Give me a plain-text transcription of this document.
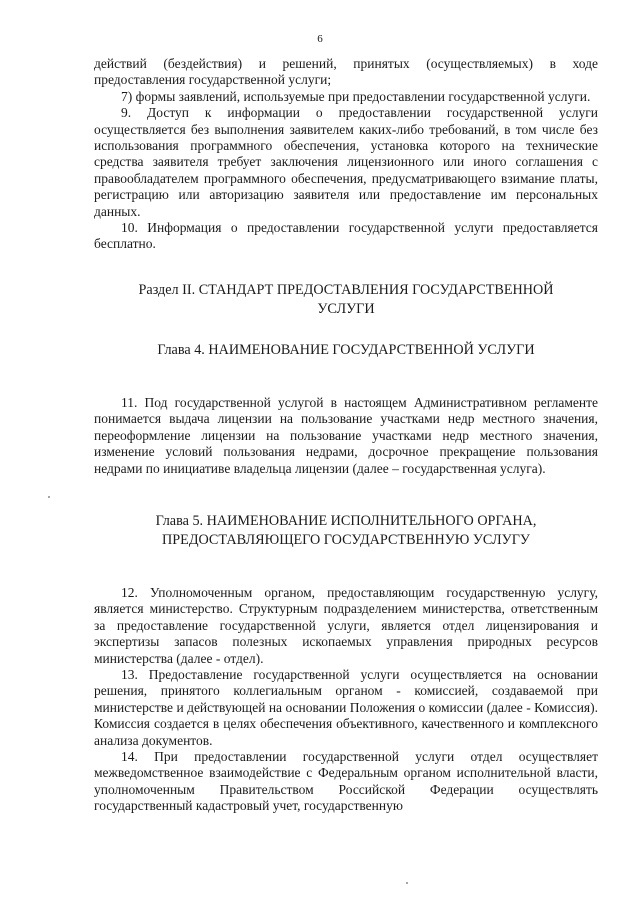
6

действий (бездействия) и решений, принятых (осуществляемых) в ходе предоставления государственной услуги;

7) формы заявлений, используемые при предоставлении государственной услуги.

9. Доступ к информации о предоставлении государственной услуги осуществляется без выполнения заявителем каких-либо требований, в том числе без использования программного обеспечения, установка которого на технические средства заявителя требует заключения лицензионного или иного соглашения с правообладателем программного обеспечения, предусматривающего взимание платы, регистрацию или авторизацию заявителя или предоставление им персональных данных.

10. Информация о предоставлении государственной услуги предоставляется бесплатно.

Раздел II. СТАНДАРТ ПРЕДОСТАВЛЕНИЯ ГОСУДАРСТВЕННОЙ

УСЛУГИ

Глава 4. НАИМЕНОВАНИЕ ГОСУДАРСТВЕННОЙ УСЛУГИ

11. Под государственной услугой в настоящем Административном регламенте понимается выдача лицензии на пользование участками недр местного значения, переоформление лицензии на пользование участками недр местного значения, изменение условий пользования недрами, досрочное прекращение пользования недрами по инициативе владельца лицензии (далее – государственная услуга).

Глава 5. НАИМЕНОВАНИЕ ИСПОЛНИТЕЛЬНОГО ОРГАНА,

ПРЕДОСТАВЛЯЮЩЕГО ГОСУДАРСТВЕННУЮ УСЛУГУ

12. Уполномоченным органом, предоставляющим государственную услугу, является министерство. Структурным подразделением министерства, ответственным за предоставление государственной услуги, является отдел лицензирования и экспертизы запасов полезных ископаемых управления природных ресурсов министерства (далее - отдел).

13. Предоставление государственной услуги осуществляется на основании решения, принятого коллегиальным органом - комиссией, создаваемой при министерстве и действующей на основании Положения о комиссии (далее - Комиссия). Комиссия создается в целях обеспечения объективного, качественного и комплексного анализа документов.

14. При предоставлении государственной услуги отдел осуществляет межведомственное взаимодействие с Федеральным органом исполнительной власти, уполномоченным Правительством Российской Федерации осуществлять государственный кадастровый учет, государственную
